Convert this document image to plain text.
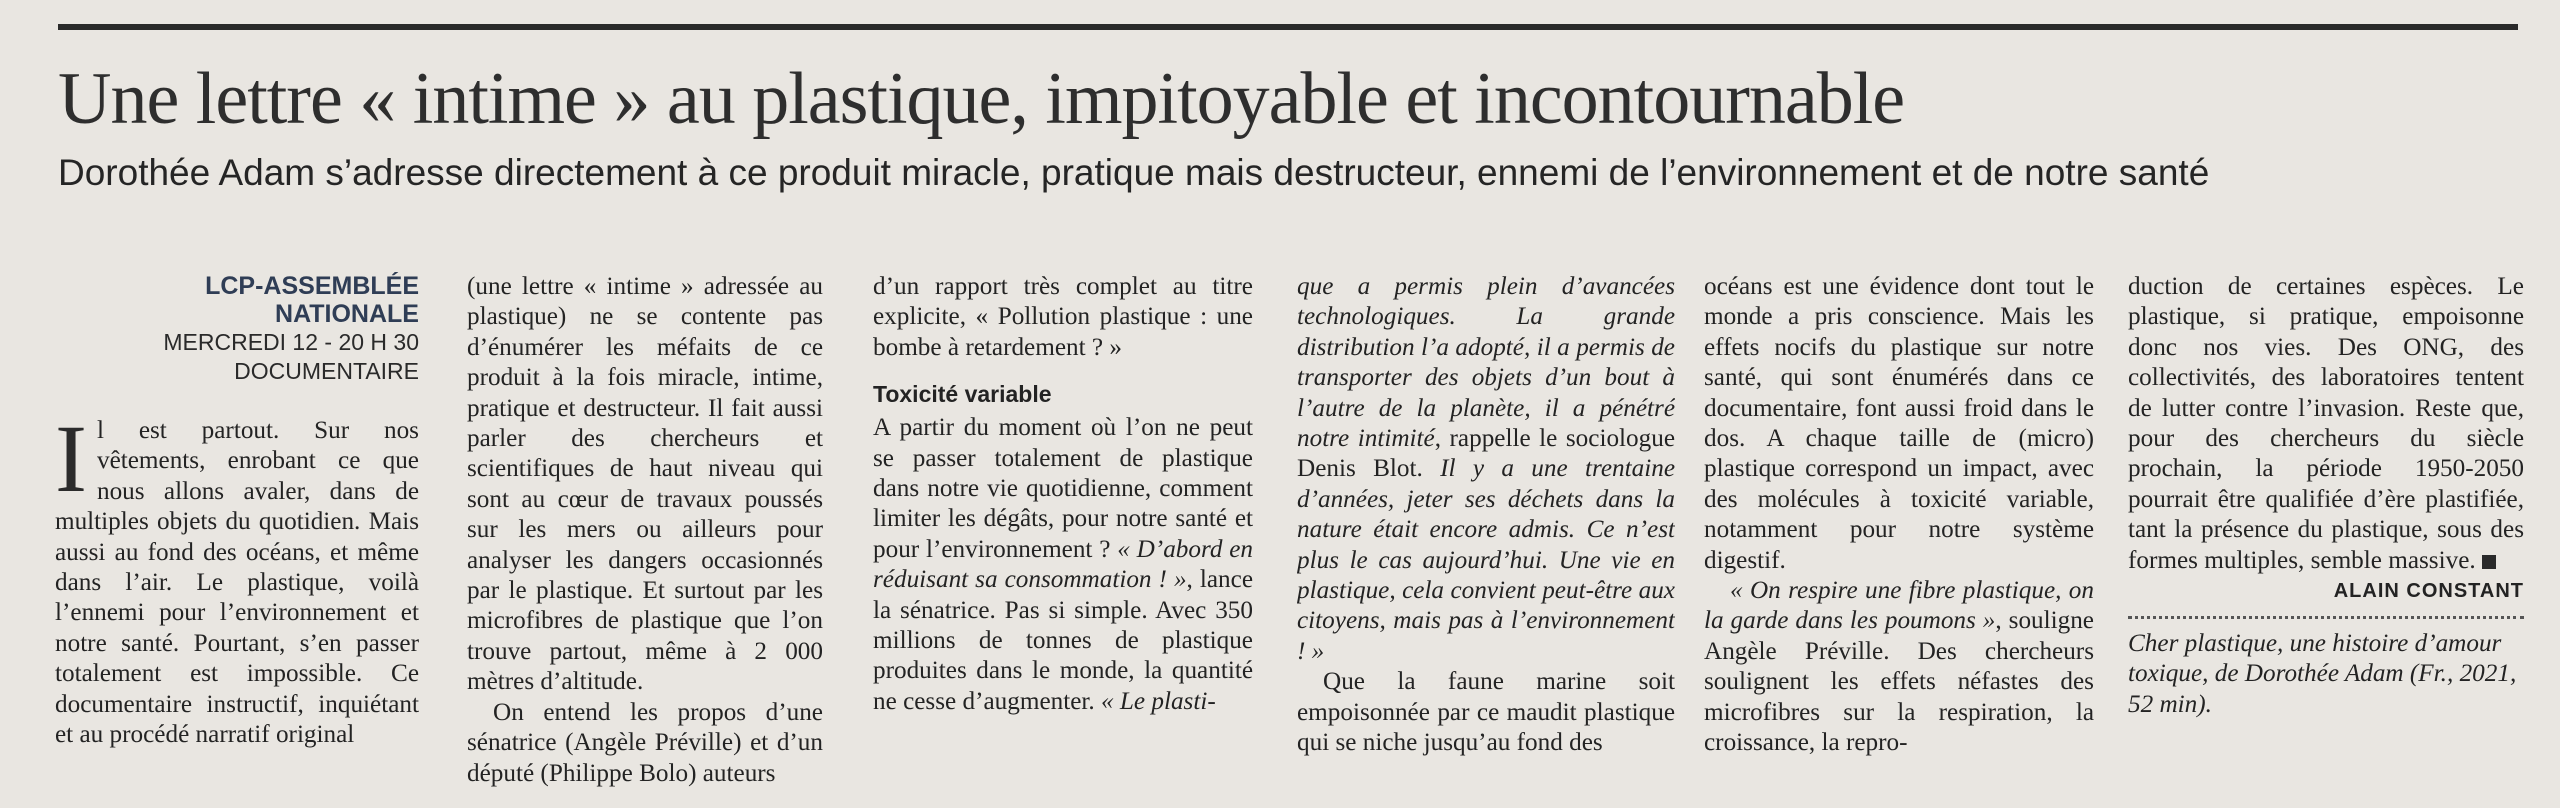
Une lettre « intime » au plastique, impitoyable et incontournable
Dorothée Adam s’adresse directement à ce produit miracle, pratique mais destructeur, ennemi de l’environnement et de notre santé
LCP-ASSEMBLÉE
NATIONALE
MERCREDI 12 - 20 H 30
DOCUMENTAIRE

Il est partout. Sur nos vêtements, enrobant ce que nous allons avaler, dans de multiples objets du quotidien. Mais aussi au fond des océans, et même dans l’air. Le plastique, voilà l’ennemi pour l’environnement et notre santé. Pourtant, s’en passer totalement est impossible. Ce documentaire instructif, inquiétant et au procédé narratif original

(une lettre « intime » adressée au plastique) ne se contente pas d’énumérer les méfaits de ce produit à la fois miracle, intime, pratique et destructeur. Il fait aussi parler des chercheurs et scientifiques de haut niveau qui sont au cœur de travaux poussés sur les mers ou ailleurs pour analyser les dangers occasionnés par le plastique. Et surtout par les microfibres de plastique que l’on trouve partout, même à 2 000 mètres d’altitude.

On entend les propos d’une sénatrice (Angèle Préville) et d’un député (Philippe Bolo) auteurs

d’un rapport très complet au titre explicite, « Pollution plastique : une bombe à retardement ? »

Toxicité variable

A partir du moment où l’on ne peut se passer totalement de plastique dans notre vie quotidienne, comment limiter les dégâts, pour notre santé et pour l’environnement ? « D’abord en réduisant sa consommation ! », lance la sénatrice. Pas si simple. Avec 350 millions de tonnes de plastique produites dans le monde, la quantité ne cesse d’augmenter. « Le plasti-

que a permis plein d’avancées technologiques. La grande distribution l’a adopté, il a permis de transporter des objets d’un bout à l’autre de la planète, il a pénétré notre intimité, rappelle le sociologue Denis Blot. Il y a une trentaine d’années, jeter ses déchets dans la nature était encore admis. Ce n’est plus le cas aujourd’hui. Une vie en plastique, cela convient peut-être aux citoyens, mais pas à l’environnement ! »

Que la faune marine soit empoisonnée par ce maudit plastique qui se niche jusqu’au fond des

océans est une évidence dont tout le monde a pris conscience. Mais les effets nocifs du plastique sur notre santé, qui sont énumérés dans ce documentaire, font aussi froid dans le dos. A chaque taille de (micro) plastique correspond un impact, avec des molécules à toxicité variable, notamment pour notre système digestif.

« On respire une fibre plastique, on la garde dans les poumons », souligne Angèle Préville. Des chercheurs soulignent les effets néfastes des microfibres sur la respiration, la croissance, la repro-

duction de certaines espèces. Le plastique, si pratique, empoisonne donc nos vies. Des ONG, des collectivités, des laboratoires tentent de lutter contre l’invasion. Reste que, pour des chercheurs du siècle prochain, la période 1950-2050 pourrait être qualifiée d’ère plastifiée, tant la présence du plastique, sous des formes multiples, semble massive.

ALAIN CONSTANT

Cher plastique, une histoire d’amour toxique, de Dorothée Adam (Fr., 2021, 52 min).
